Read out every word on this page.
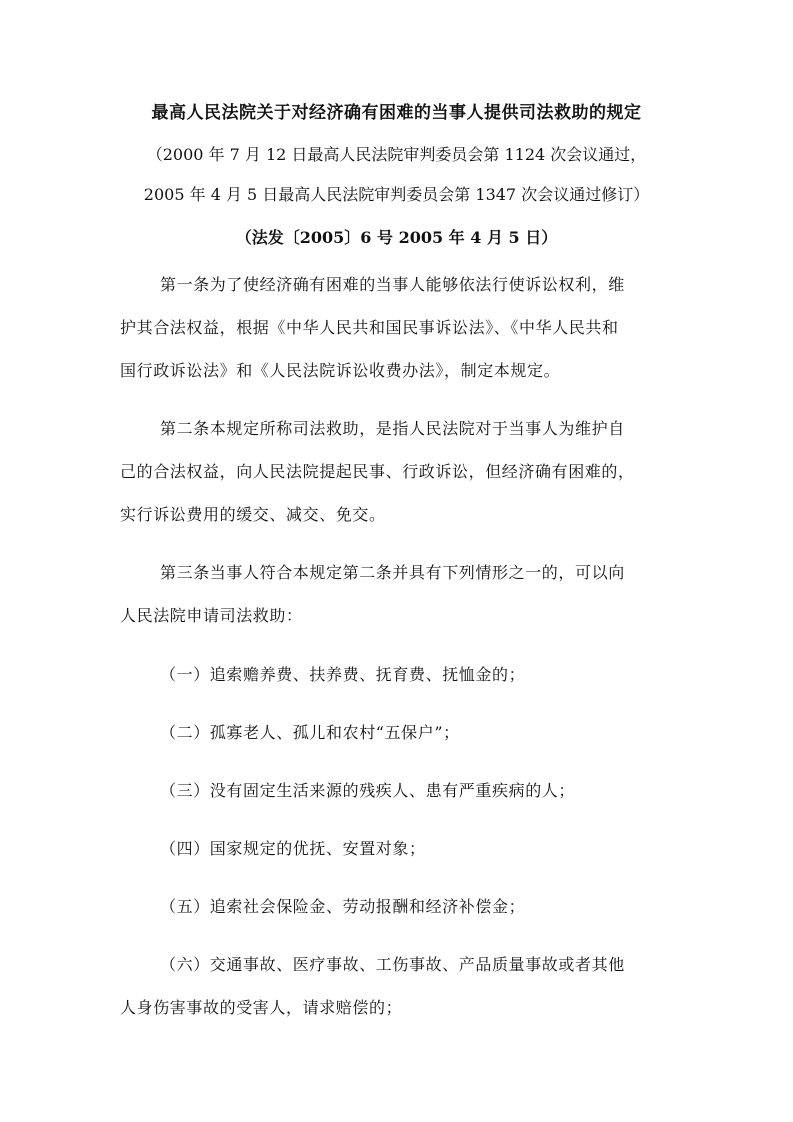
最高人民法院关于对经济确有困难的当事人提供司法救助的规定
（2000 年 7 月 12 日最高人民法院审判委员会第 1124 次会议通过，
2005 年 4 月 5 日最高人民法院审判委员会第 1347 次会议通过修订）
（法发〔2005〕6 号 2005 年 4 月 5 日）
第一条为了使经济确有困难的当事人能够依法行使诉讼权利，维
护其合法权益，根据《中华人民共和国民事诉讼法》、《中华人民共和
国行政诉讼法》和《人民法院诉讼收费办法》，制定本规定。
第二条本规定所称司法救助，是指人民法院对于当事人为维护自
己的合法权益，向人民法院提起民事、行政诉讼，但经济确有困难的，
实行诉讼费用的缓交、减交、免交。
第三条当事人符合本规定第二条并具有下列情形之一的，可以向
人民法院申请司法救助：
（一）追索赡养费、扶养费、抚育费、抚恤金的；
（二）孤寡老人、孤儿和农村“五保户”；
（三）没有固定生活来源的残疾人、患有严重疾病的人；
（四）国家规定的优抚、安置对象；
（五）追索社会保险金、劳动报酬和经济补偿金；
（六）交通事故、医疗事故、工伤事故、产品质量事故或者其他
人身伤害事故的受害人，请求赔偿的；
